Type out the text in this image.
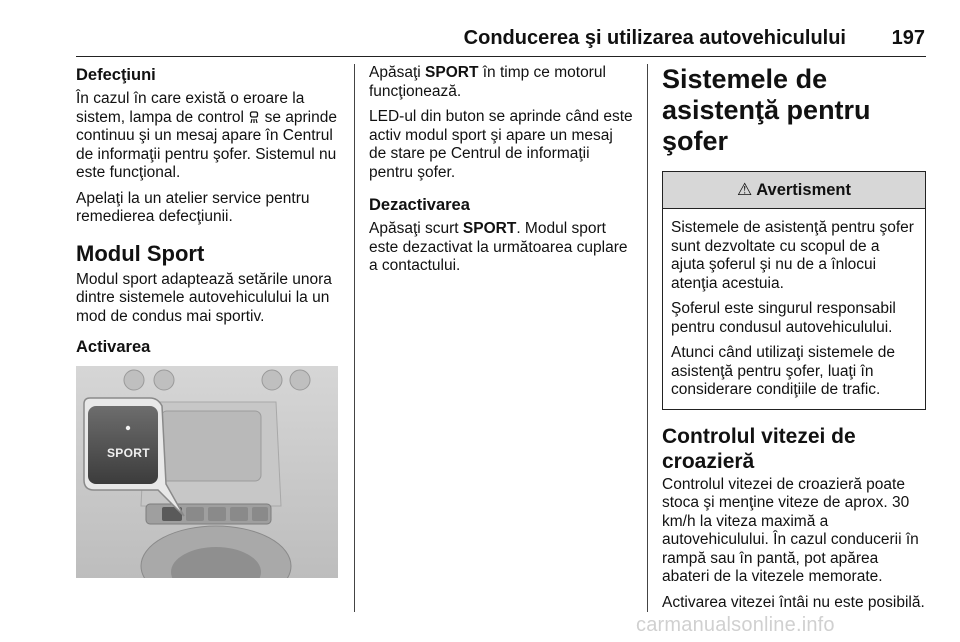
Conducerea şi utilizarea autovehiculului 197
Defecţiuni

În cazul în care există o eroare la sistem, lampa de control  se aprinde continuu şi un mesaj apare în Centrul de informaţii pentru şofer. Sistemul nu este funcţional.

Apelaţi la un atelier service pentru remedierea defecţiunii.

Modul Sport

Modul sport adaptează setările unora dintre sistemele autovehiculului la un mod de condus mai sportiv.

Activarea
SPORT

Apăsaţi SPORT în timp ce motorul funcţionează.

LED-ul din buton se aprinde când este activ modul sport şi apare un mesaj de stare pe Centrul de informaţii pentru şofer.

Dezactivarea

Apăsaţi scurt SPORT. Modul sport este dezactivat la următoarea cuplare a contactului.

Sistemele de asistenţă pentru şofer
⚠ Avertisment

Sistemele de asistenţă pentru şofer sunt dezvoltate cu scopul de a ajuta şoferul şi nu de a înlocui atenţia acestuia.

Şoferul este singurul responsabil pentru condusul autovehiculului.

Atunci când utilizaţi sistemele de asistenţă pentru şofer, luaţi în considerare condiţiile de trafic.

Controlul vitezei de croazieră

Controlul vitezei de croazieră poate stoca şi menţine viteze de aprox. 30 km/h la viteza maximă a autovehiculului. În cazul conducerii în rampă sau în pantă, pot apărea abateri de la vitezele memorate.

Activarea vitezei întâi nu este posibilă.

carmanualsonline.info
